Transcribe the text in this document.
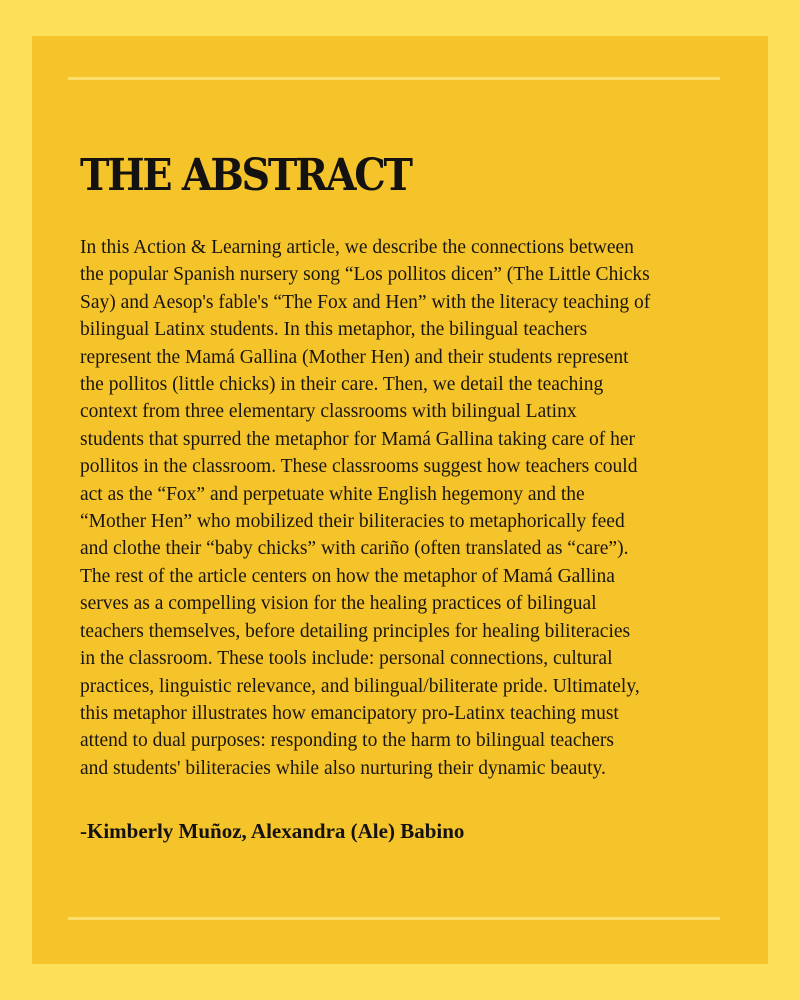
THE ABSTRACT

In this Action & Learning article, we describe the connections between
the popular Spanish nursery song “Los pollitos dicen” (The Little Chicks
Say) and Aesop's fable's “The Fox and Hen” with the literacy teaching of
bilingual Latinx students. In this metaphor, the bilingual teachers
represent the Mamá Gallina (Mother Hen) and their students represent
the pollitos (little chicks) in their care. Then, we detail the teaching
context from three elementary classrooms with bilingual Latinx
students that spurred the metaphor for Mamá Gallina taking care of her
pollitos in the classroom. These classrooms suggest how teachers could
act as the “Fox” and perpetuate white English hegemony and the
“Mother Hen” who mobilized their biliteracies to metaphorically feed
and clothe their “baby chicks” with cariño (often translated as “care”).
The rest of the article centers on how the metaphor of Mamá Gallina
serves as a compelling vision for the healing practices of bilingual
teachers themselves, before detailing principles for healing biliteracies
in the classroom. These tools include: personal connections, cultural
practices, linguistic relevance, and bilingual/biliterate pride. Ultimately,
this metaphor illustrates how emancipatory pro-Latinx teaching must
attend to dual purposes: responding to the harm to bilingual teachers
and students' biliteracies while also nurturing their dynamic beauty.

-Kimberly Muñoz, Alexandra (Ale) Babino
